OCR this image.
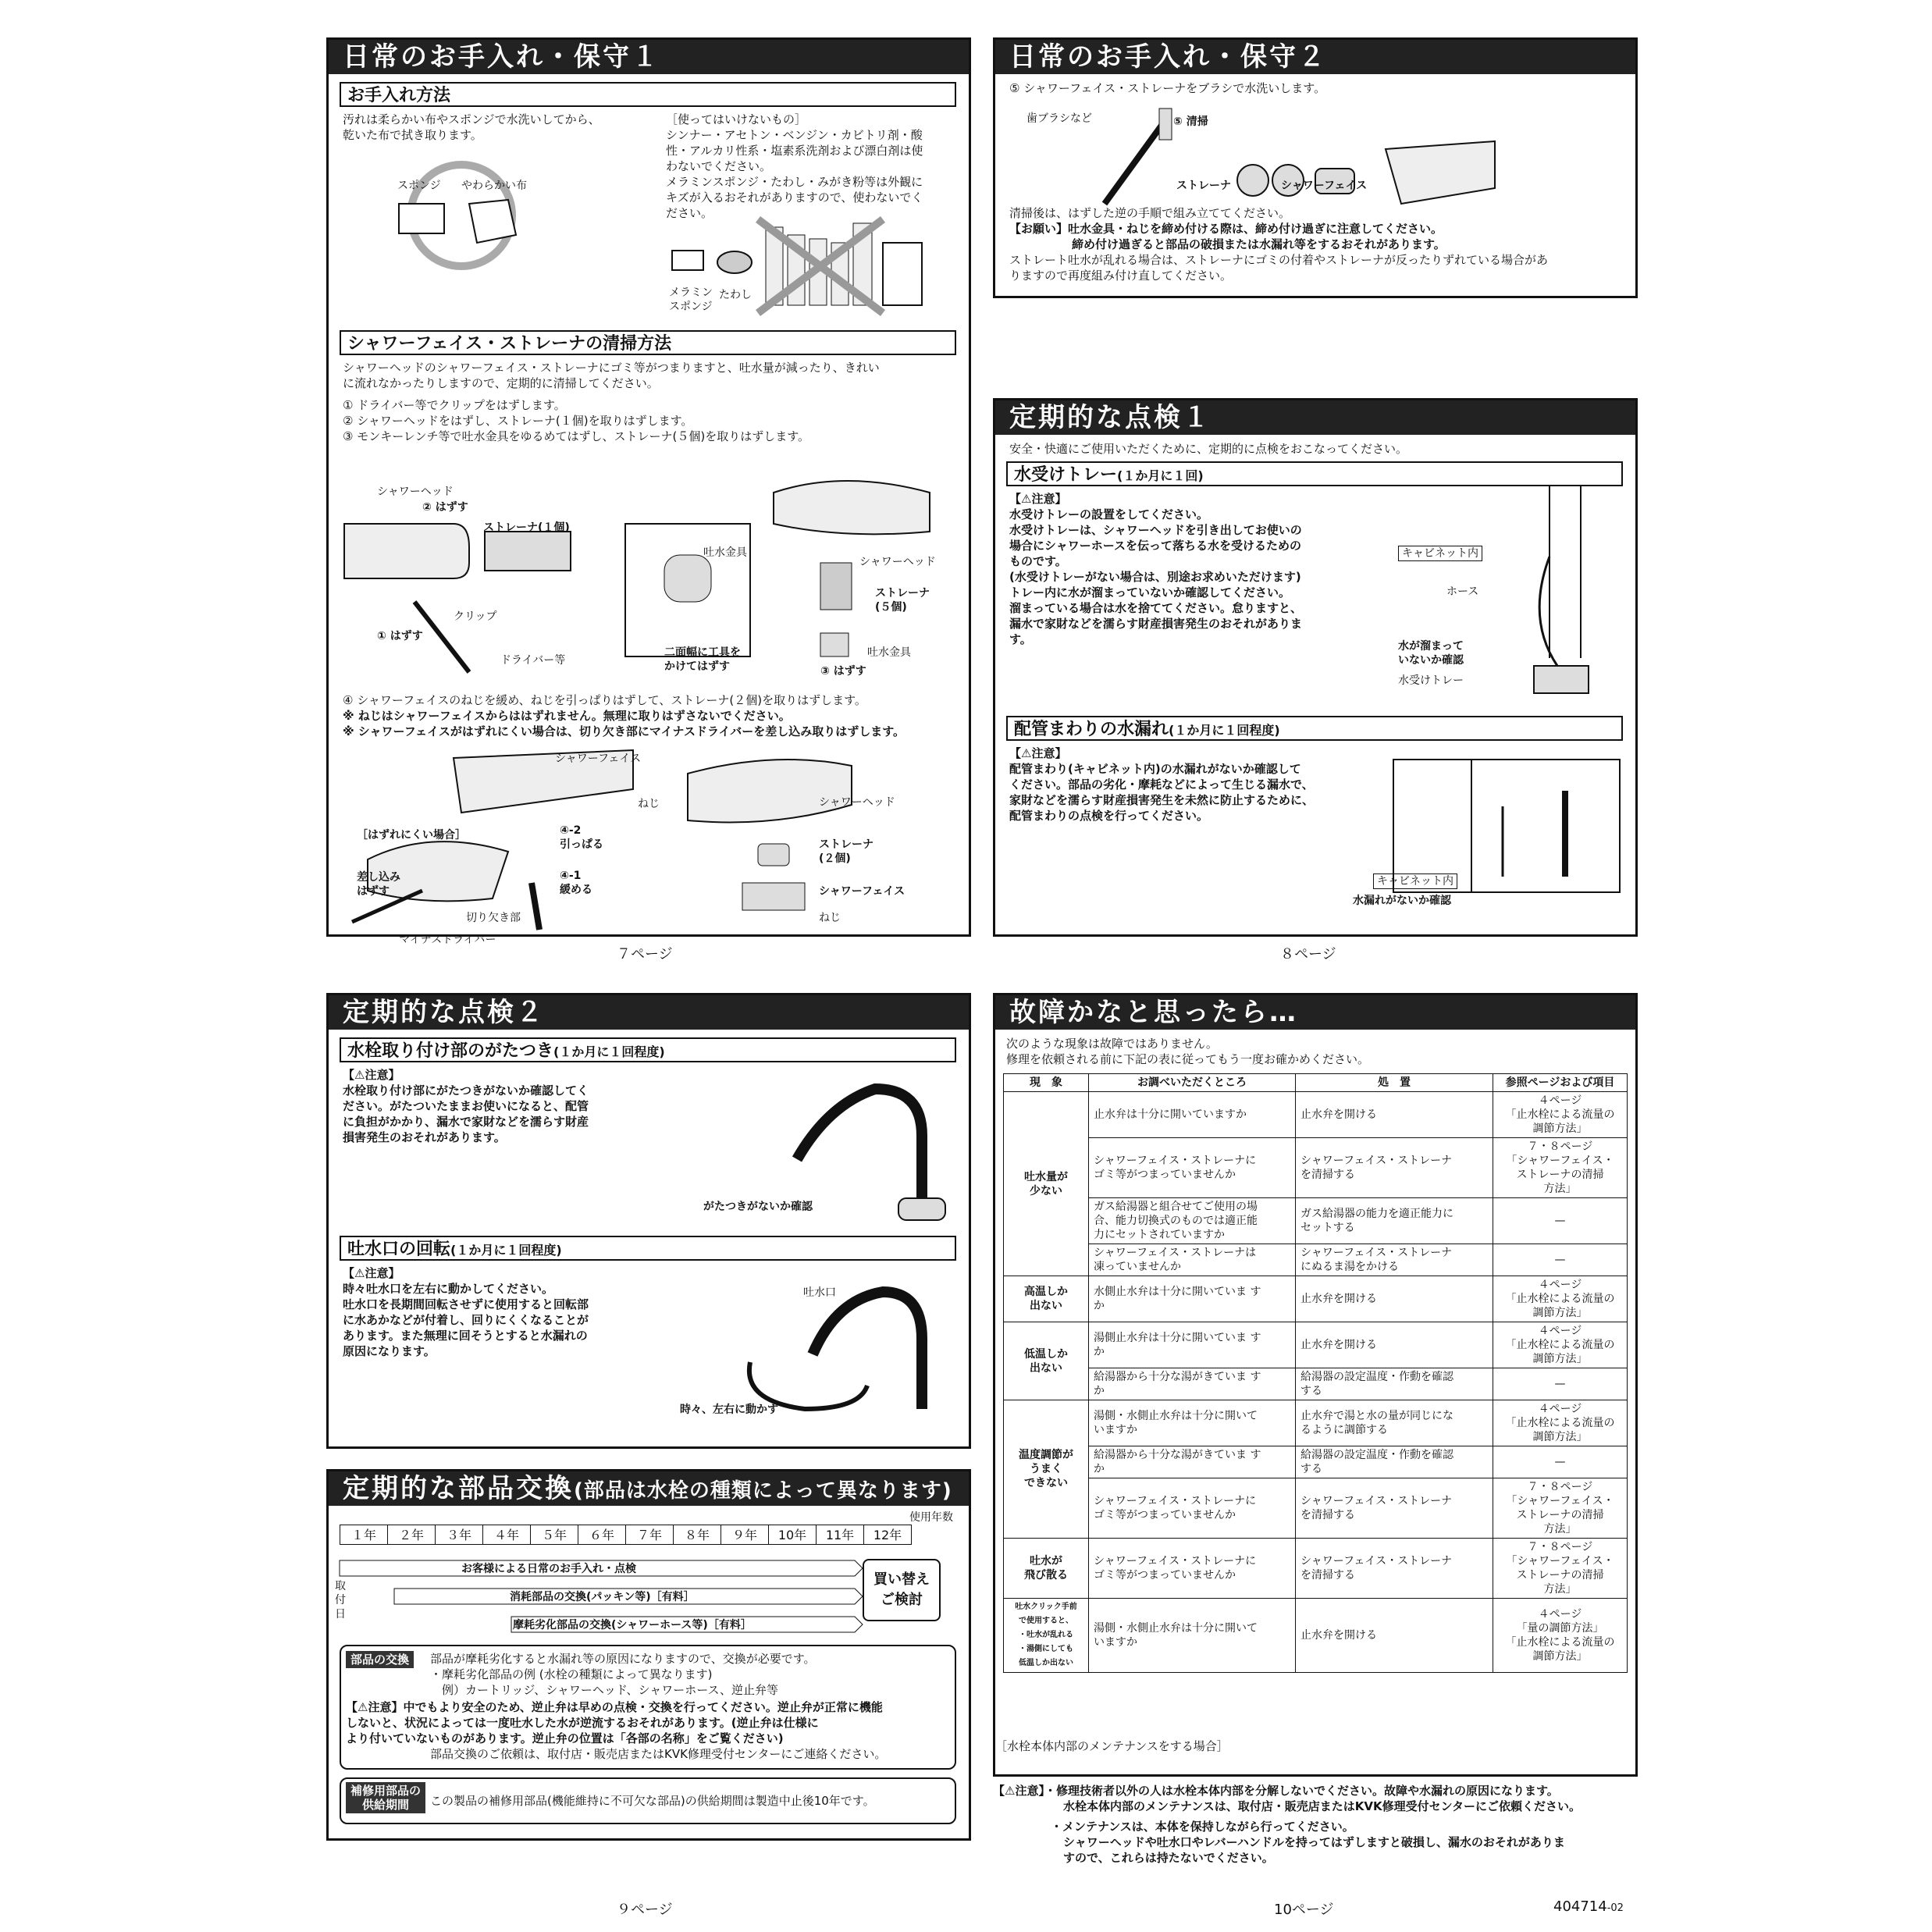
日常のお手入れ・保守１
お手入れ方法
汚れは柔らかい布やスポンジで水洗いしてから、
乾いた布で拭き取ります。
スポンジ やわらかい布
［使ってはいけないもの］
シンナー・アセトン・ベンジン・カビトリ剤・酸
性・アルカリ性系・塩素系洗剤および漂白剤は使
わないでください。
メラミンスポンジ・たわし・みがき粉等は外観に
キズが入るおそれがありますので、使わないでく
ださい。
メラミン
スポンジ
たわし
シャワーフェイス・ストレーナの清掃方法
シャワーヘッドのシャワーフェイス・ストレーナにゴミ等がつまりますと、吐水量が減ったり、きれい
に流れなかったりしますので、定期的に清掃してください。
① ドライバー等でクリップをはずします。
② シャワーヘッドをはずし、ストレーナ(１個)を取りはずします。
③ モンキーレンチ等で吐水金具をゆるめてはずし、ストレーナ(５個)を取りはずします。
シャワーヘッド
② はずす
ストレーナ(１個)
クリップ
① はずす
ドライバー等
吐水金具
シャワーヘッド
ストレーナ
(５個)
二面幅に工具を
かけてはずす
吐水金具
③ はずす
④ シャワーフェイスのねじを緩め、ねじを引っぱりはずして、ストレーナ(２個)を取りはずします。
※ ねじはシャワーフェイスからははずれません。無理に取りはずさないでください。
※ シャワーフェイスがはずれにくい場合は、切り欠き部にマイナスドライバーを差し込み取りはずします。
シャワーフェイス
ねじ
［はずれにくい場合］	④-2
引っぱる
差し込み
はずす
④-1
緩める
切り欠き部
マイナスドライバー
シャワーヘッド
ストレーナ
(２個)
シャワーフェイス
ねじ
７ページ
日常のお手入れ・保守２
⑤ シャワーフェイス・ストレーナをブラシで水洗いします。
歯ブラシなど	⑤ 清掃
ストレーナ	シャワーフェイス
清掃後は、はずした逆の手順で組み立ててください。
【お願い】吐水金具・ねじを締め付ける際は、締め付け過ぎに注意してください。
締め付け過ぎると部品の破損または水漏れ等をするおそれがあります。
ストレート吐水が乱れる場合は、ストレーナにゴミの付着やストレーナが反ったりずれている場合があ
りますので再度組み付け直してください。
定期的な点検１
安全・快適にご使用いただくために、定期的に点検をおこなってください。
水受けトレー(１か月に１回)
【⚠注意】
水受けトレーの設置をしてください。
水受けトレーは、シャワーヘッドを引き出してお使いの
場合にシャワーホースを伝って落ちる水を受けるための
ものです。
(水受けトレーがない場合は、別途お求めいただけます)
トレー内に水が溜まっていないか確認してください。
溜まっている場合は水を捨ててください。怠りますと、
漏水で家財などを濡らす財産損害発生のおそれがありま
す。
キャビネット内
ホース
水が溜まって
いないか確認
水受けトレー
配管まわりの水漏れ(１か月に１回程度)
【⚠注意】
配管まわり(キャビネット内)の水漏れがないか確認して
ください。部品の劣化・摩耗などによって生じる漏水で、
家財などを濡らす財産損害発生を未然に防止するために、
配管まわりの点検を行ってください。
キャビネット内
水漏れがないか確認
８ページ
定期的な点検２
水栓取り付け部のがたつき(１か月に１回程度)
【⚠注意】
水栓取り付け部にがたつきがないか確認してく
ださい。がたついたままお使いになると、配管
に負担がかかり、漏水で家財などを濡らす財産
損害発生のおそれがあります。
がたつきがないか確認
吐水口の回転(１か月に１回程度)
【⚠注意】
時々吐水口を左右に動かしてください。
吐水口を長期間回転させずに使用すると回転部
に水あかなどが付着し、回りにくくなることが
あります。また無理に回そうとすると水漏れの
原因になります。
吐水口
時々、左右に動かす
定期的な部品交換(部品は水栓の種類によって異なります)
使用年数
１年	２年	３年	４年	５年	６年	７年	８年	９年	10年	11年	12年
取
付
日
お客様による日常のお手入れ・点検
消耗部品の交換(パッキン等)［有料］
摩耗劣化部品の交換(シャワーホース等)［有料］
買い替え
ご検討
部品の交換	部品が摩耗劣化すると水漏れ等の原因になりますので、交換が必要です。
・摩耗劣化部品の例 (水栓の種類によって異なります)
　例）カートリッジ、シャワーヘッド、シャワーホース、逆止弁等
【⚠注意】中でもより安全のため、逆止弁は早めの点検・交換を行ってください。逆止弁が正常に機能
しないと、状況によっては一度吐水した水が逆流するおそれがあります。(逆止弁は仕様に
より付いていないものがあります。逆止弁の位置は「各部の名称」をご覧ください)
部品交換のご依頼は、取付店・販売店またはKVK修理受付センターにご連絡ください。
補修用部品の
供給期間	この製品の補修用部品(機能維持に不可欠な部品)の供給期間は製造中止後10年です。
９ページ
故障かなと思ったら…
次のような現象は故障ではありません。
修理を依頼される前に下記の表に従ってもう一度お確かめください。
現　象	お調べいただくところ	処　置	参照ページおよび項目
吐水量が
少ない	止水弁は十分に開いていますか	止水弁を開ける	４ページ
「止水栓による流量の
調節方法」
	シャワーフェイス・ストレーナに
ゴミ等がつまっていませんか	シャワーフェイス・ストレーナ
を清掃する	７・８ページ
「シャワーフェイス・
ストレーナの清掃
方法」
	ガス給湯器と組合せてご使用の場
合、能力切換式のものでは適正能
力にセットされていますか	ガス給湯器の能力を適正能力に
セットする	—
	シャワーフェイス・ストレーナは
凍っていませんか	シャワーフェイス・ストレーナ
にぬるま湯をかける	—
高温しか
出ない	水側止水弁は十分に開いていま す
か	止水弁を開ける	４ページ
「止水栓による流量の
調節方法」
低温しか
出ない	湯側止水弁は十分に開いていま す
か	止水弁を開ける	４ページ
「止水栓による流量の
調節方法」
	給湯器から十分な湯がきていま す
か	給湯器の設定温度・作動を確認
する	—
温度調節が
うまく
できない	湯側・水側止水弁は十分に開いて
いますか	止水弁で湯と水の量が同じにな
るように調節する	４ページ
「止水栓による流量の
調節方法」
	給湯器から十分な湯がきていま す
か	給湯器の設定温度・作動を確認
する	—
	シャワーフェイス・ストレーナに
ゴミ等がつまっていませんか	シャワーフェイス・ストレーナ
を清掃する	７・８ページ
「シャワーフェイス・
ストレーナの清掃
方法」
吐水が
飛び散る	シャワーフェイス・ストレーナに
ゴミ等がつまっていませんか	シャワーフェイス・ストレーナ
を清掃する	７・８ページ
「シャワーフェイス・
ストレーナの清掃
方法」
吐水クリック手前
で使用すると、
・吐水が乱れる
・湯側にしても
低温しか出ない	湯側・水側止水弁は十分に開いて
いますか	止水弁を開ける	４ページ
「量の調節方法」
「止水栓による流量の
調節方法」
［水栓本体内部のメンテナンスをする場合］
【⚠注意】・修理技術者以外の人は水栓本体内部を分解しないでください。故障や水漏れの原因になります。
水栓本体内部のメンテナンスは、取付店・販売店またはKVK修理受付センターにご依頼ください。
・メンテナンスは、本体を保持しながら行ってください。
シャワーヘッドや吐水口やレバーハンドルを持ってはずしますと破損し、漏水のおそれがありま
すので、これらは持たないでください。
10ページ	404714-02
